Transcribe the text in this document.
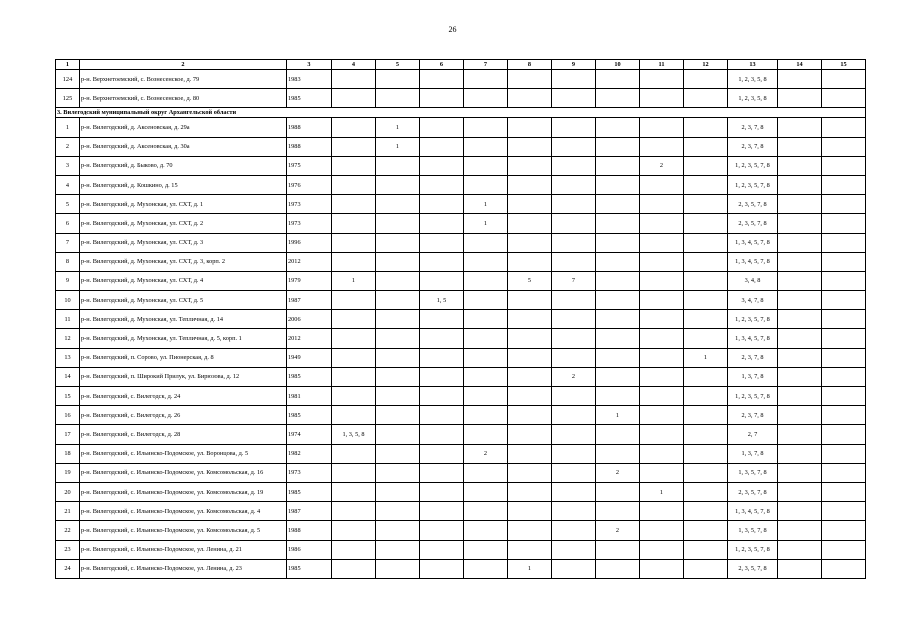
26
1	2	3	4	5	6	7	8	9	10	11	12	13	14	15
124	р-н. Верхнетоемский, с. Вознесенское, д. 79	1983										1, 2, 3, 5, 8		
125	р-н. Верхнетоемский, с. Вознесенское, д. 80	1985										1, 2, 3, 5, 8		
3. Вилегодский муниципальный округ Архангельской области														
1	р-н. Вилегодский, д. Аксеновская, д. 29а	1988		1								2, 3, 7, 8		
2	р-н. Вилегодский, д. Аксеновская, д. 30а	1988		1								2, 3, 7, 8		
3	р-н. Вилегодский, д. Быково, д. 70	1975								2		1, 2, 3, 5, 7, 8		
4	р-н. Вилегодский, д. Кошкино, д. 15	1976										1, 2, 3, 5, 7, 8		
5	р-н. Вилегодский, д. Мухонская, ул. СХТ, д. 1	1973				1						2, 3, 5, 7, 8		
6	р-н. Вилегодский, д. Мухонская, ул. СХТ, д. 2	1973				1						2, 3, 5, 7, 8		
7	р-н. Вилегодский, д. Мухонская, ул. СХТ, д. 3	1996										1, 3, 4, 5, 7, 8		
8	р-н. Вилегодский, д. Мухонская, ул. СХТ, д. 3, корп. 2	2012										1, 3, 4, 5, 7, 8		
9	р-н. Вилегодский, д. Мухонская, ул. СХТ, д. 4	1979	1				5	7				3, 4, 8		
10	р-н. Вилегодский, д. Мухонская, ул. СХТ, д. 5	1987			1, 5							3, 4, 7, 8		
11	р-н. Вилегодский, д. Мухонская, ул. Тепличная, д. 14	2006										1, 2, 3, 5, 7, 8		
12	р-н. Вилегодский, д. Мухонская, ул. Тепличная, д. 5, корп. 1	2012										1, 3, 4, 5, 7, 8		
13	р-н. Вилегодский, п. Сорово, ул. Пионерская, д. 8	1949									1	2, 3, 7, 8		
14	р-н. Вилегодский, п. Широкий Прилук, ул. Бирюзова, д. 12	1985						2				1, 3, 7, 8		
15	р-н. Вилегодский, с. Вилегодск, д. 24	1981										1, 2, 3, 5, 7, 8		
16	р-н. Вилегодский, с. Вилегодск, д. 26	1985							1			2, 3, 7, 8		
17	р-н. Вилегодский, с. Вилегодск, д. 28	1974	1, 3, 5, 8									2, 7		
18	р-н. Вилегодский, с. Ильинско-Подомское, ул. Воронцова, д. 5	1982				2						1, 3, 7, 8		
19	р-н. Вилегодский, с. Ильинско-Подомское, ул. Комсомольская, д. 16	1973							2			1, 3, 5, 7, 8		
20	р-н. Вилегодский, с. Ильинско-Подомское, ул. Комсомольская, д. 19	1985								1		2, 3, 5, 7, 8		
21	р-н. Вилегодский, с. Ильинско-Подомское, ул. Комсомольская, д. 4	1987										1, 3, 4, 5, 7, 8		
22	р-н. Вилегодский, с. Ильинско-Подомское, ул. Комсомольская, д. 5	1988							2			1, 3, 5, 7, 8		
23	р-н. Вилегодский, с. Ильинско-Подомское, ул. Ленина, д. 21	1986										1, 2, 3, 5, 7, 8		
24	р-н. Вилегодский, с. Ильинско-Подомское, ул. Ленина, д. 23	1985					1					2, 3, 5, 7, 8		
